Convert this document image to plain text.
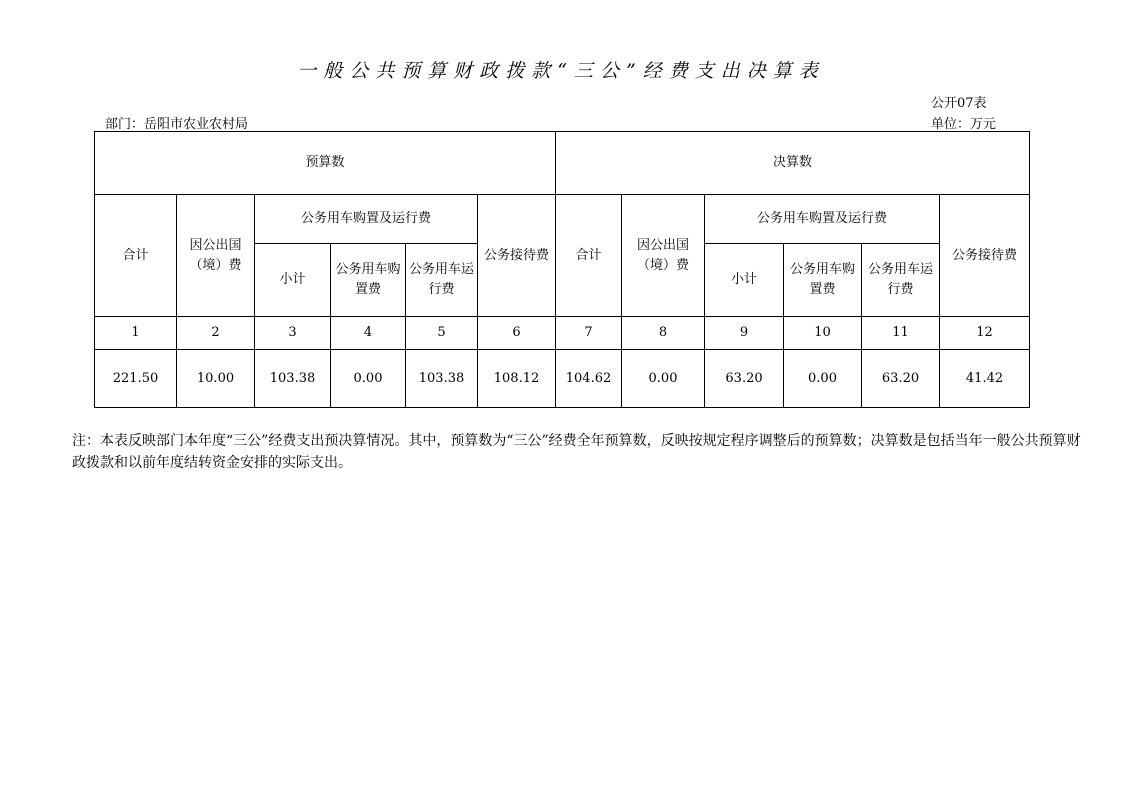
一般公共预算财政拨款“三公”经费支出决算表
公开07表
部门：岳阳市农业农村局	单位：万元
预算数						决算数					
合计	因公出国（境）费	公务用车购置及运行费			公务接待费	合计	因公出国（境）费	公务用车购置及运行费			公务接待费
		小计	公务用车购置费	公务用车运行费				小计	公务用车购置费	公务用车运行费	
1	2	3	4	5	6	7	8	9	10	11	12
221.50	10.00	103.38	0.00	103.38	108.12	104.62	0.00	63.20	0.00	63.20	41.42
注：本表反映部门本年度“三公”经费支出预决算情况。其中，预算数为“三公”经费全年预算数，反映按规定程序调整后的预算数；决算数是包括当年一般公共预算财政拨款和以前年度结转资金安排的实际支出。
